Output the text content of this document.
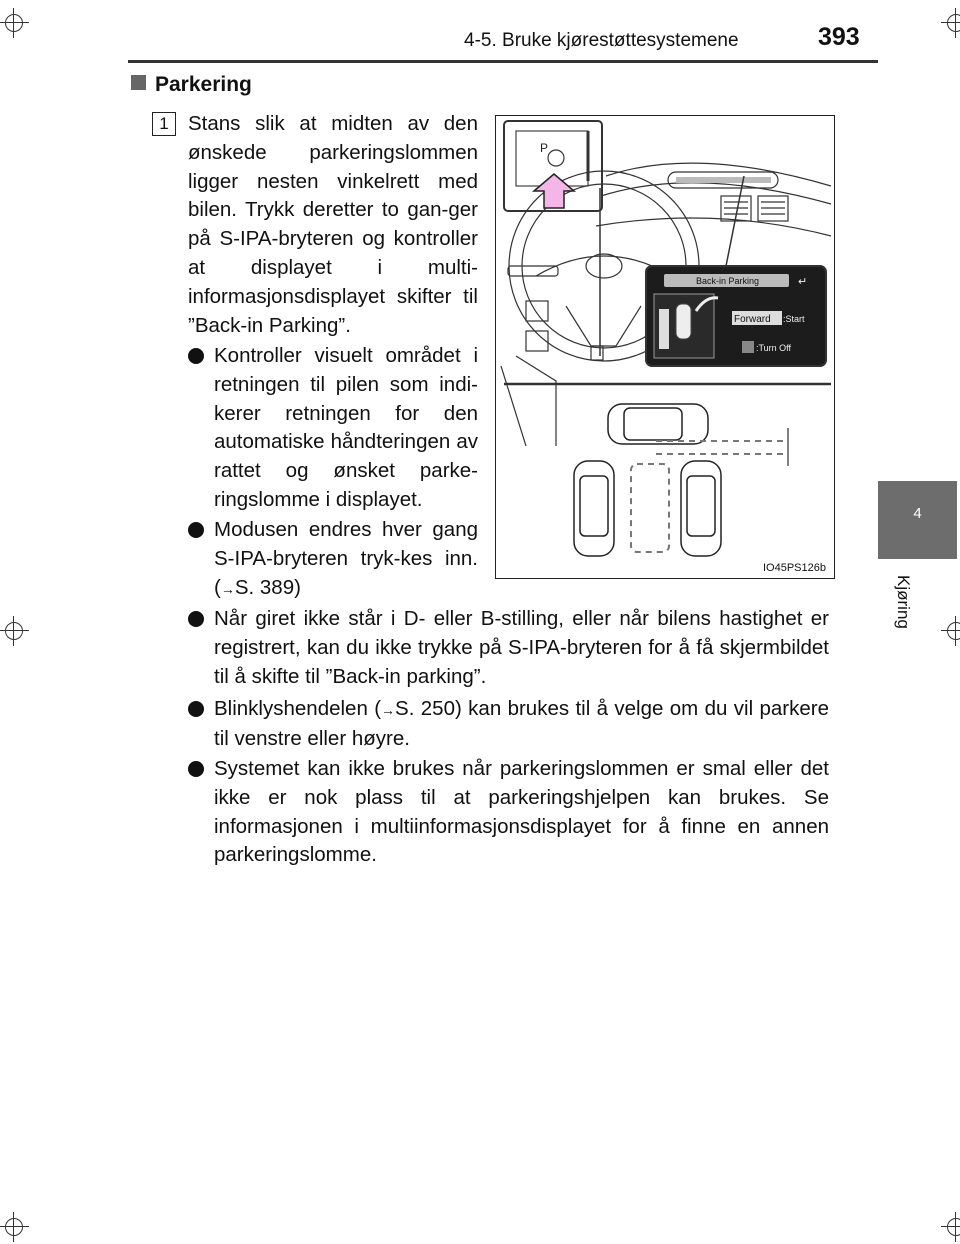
4-5. Bruke kjørestøttesystemene	393
4
Kjøring
Parkering
1 Stans slik at midten av den ønskede parkeringslommen ligger nesten vinkelrett med bilen. Trykk deretter to gan-ger på S-IPA-bryteren og kontroller at displayet i multi-informasjonsdisplayet skifter til ”Back-in Parking”.

Kontroller visuelt området i retningen til pilen som indi-kerer retningen for den automatiske håndteringen av rattet og ønsket parke-ringslomme i displayet.
Modusen endres hver gang S-IPA-bryteren tryk-kes inn. (→S. 389)
Når giret ikke står i D- eller B-stilling, eller når bilens hastighet er registrert, kan du ikke trykke på S-IPA-bryteren for å få skjermbildet til å skifte til ”Back-in parking”.
Blinklyshendelen (→S. 250) kan brukes til å velge om du vil parkere til venstre eller høyre.
Systemet kan ikke brukes når parkeringslommen er smal eller det ikke er nok plass til at parkeringshjelpen kan brukes. Se informasjonen i multiinformasjonsdisplayet for å finne en annen parkeringslomme.
P
Back-in Parking	↵
Forward :Start
:Turn Off
IO45PS126b
